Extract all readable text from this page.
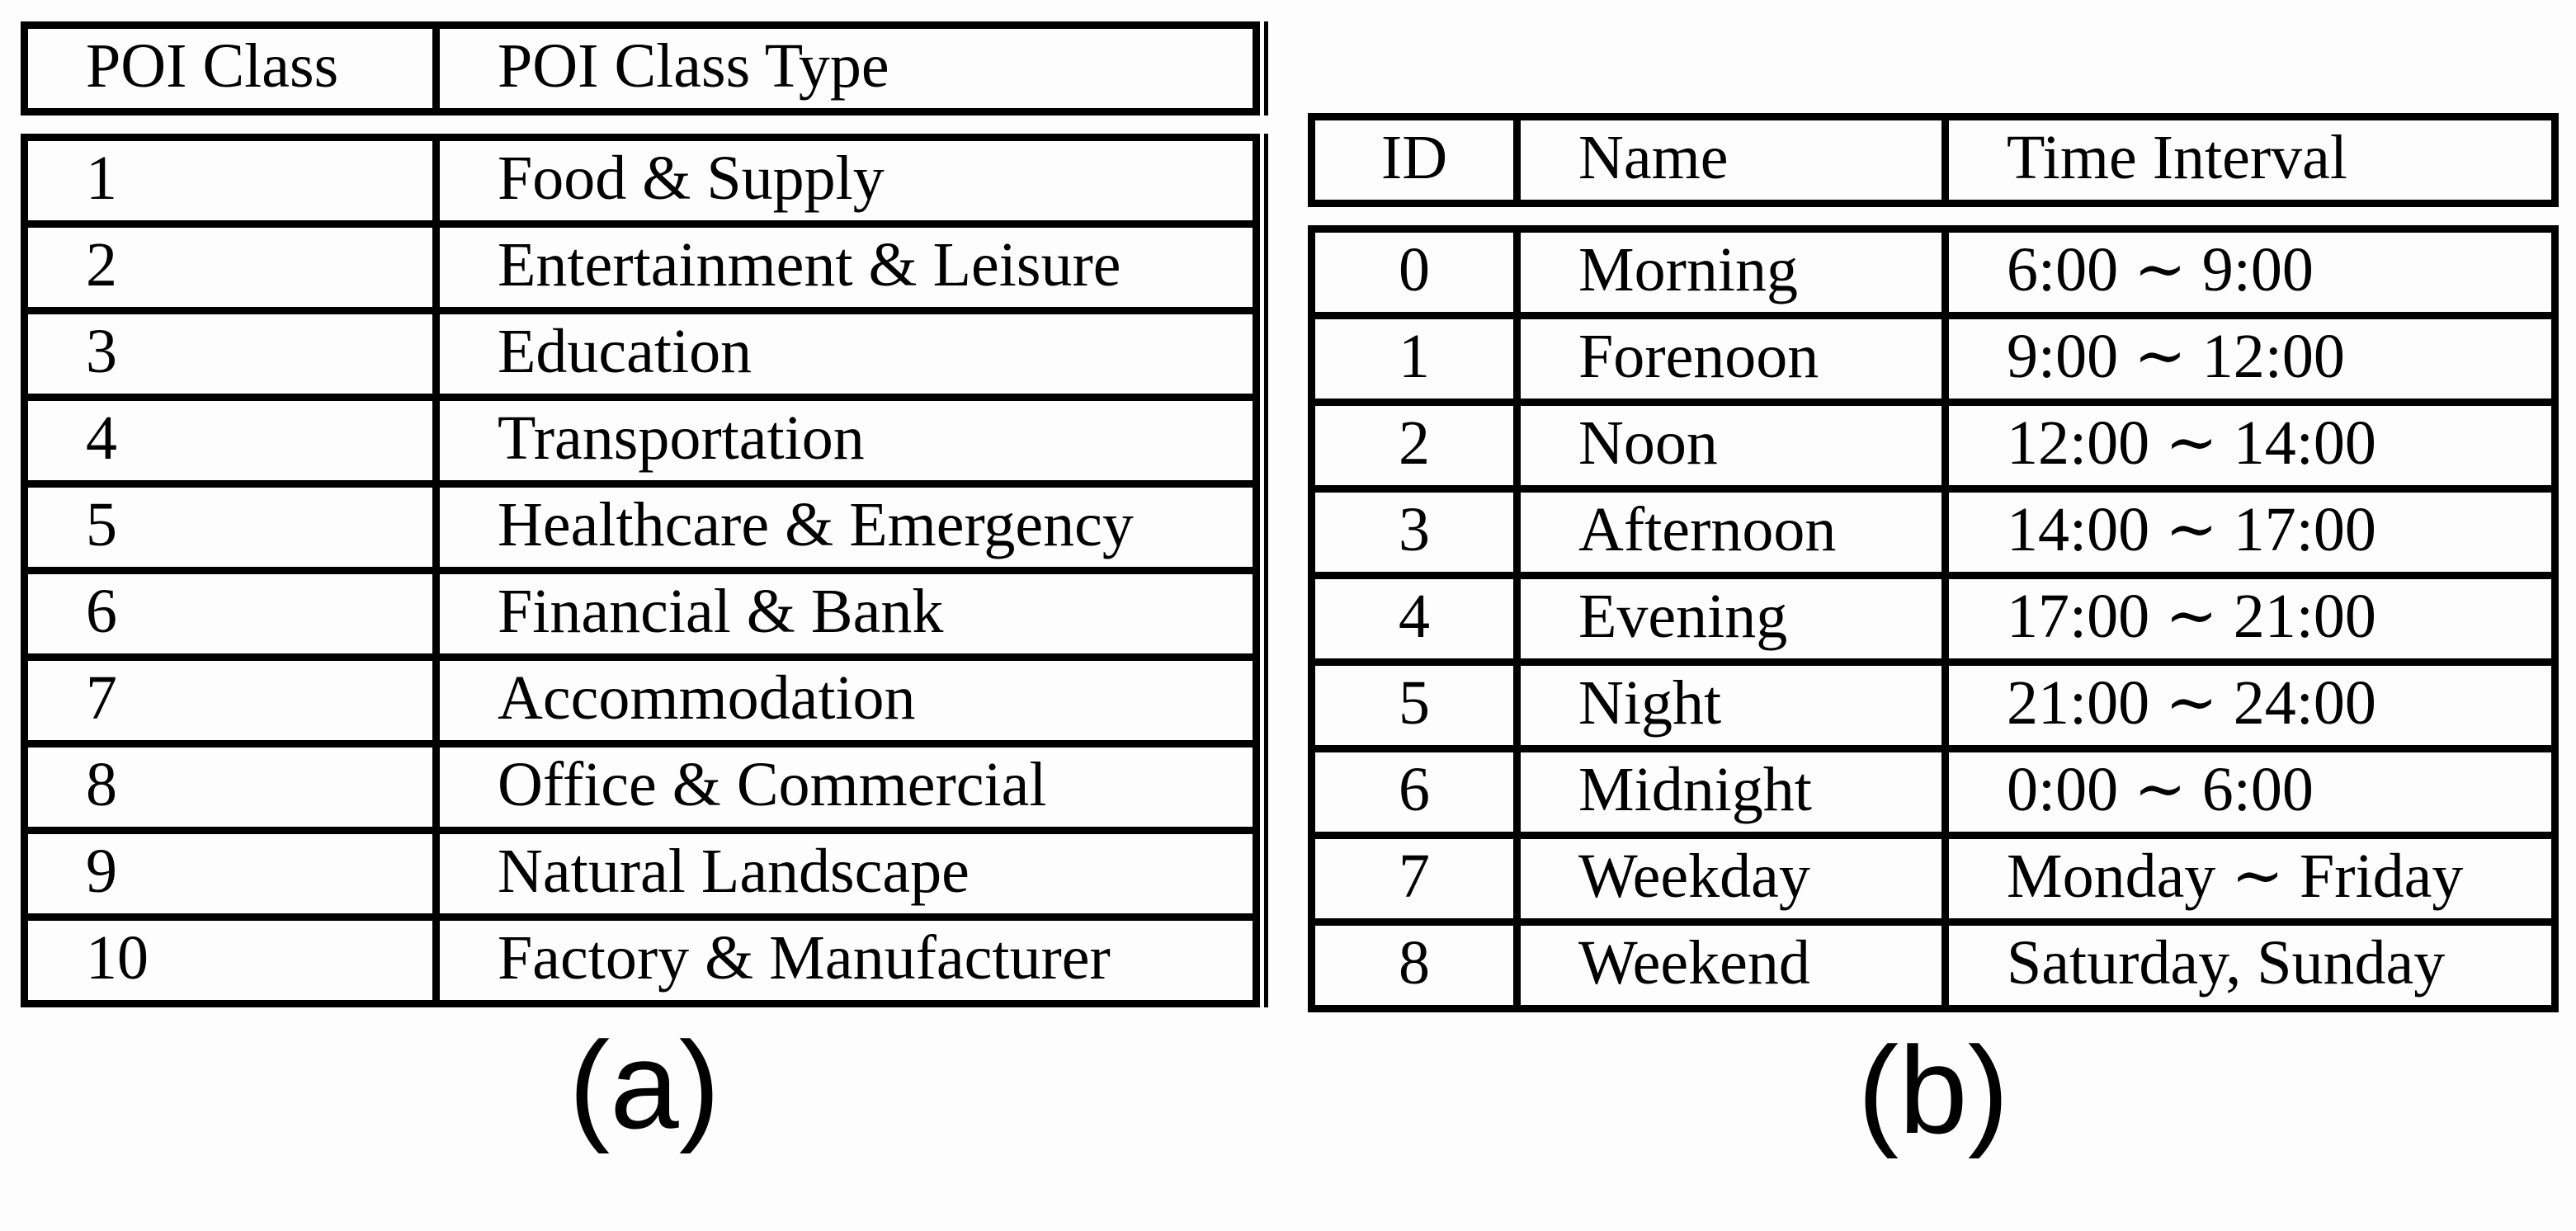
POI Class	POI Class Type
1	Food & Supply
2	Entertainment & Leisure
3	Education
4	Transportation
5	Healthcare & Emergency
6	Financial & Bank
7	Accommodation
8	Office & Commercial
9	Natural Landscape
10	Factory & Manufacturer
(a)
ID	Name	Time Interval
0	Morning	6:00 ∼ 9:00
1	Forenoon	9:00 ∼ 12:00
2	Noon	12:00 ∼ 14:00
3	Afternoon	14:00 ∼ 17:00
4	Evening	17:00 ∼ 21:00
5	Night	21:00 ∼ 24:00
6	Midnight	0:00 ∼ 6:00
7	Weekday	Monday ∼ Friday
8	Weekend	Saturday, Sunday
(b)
